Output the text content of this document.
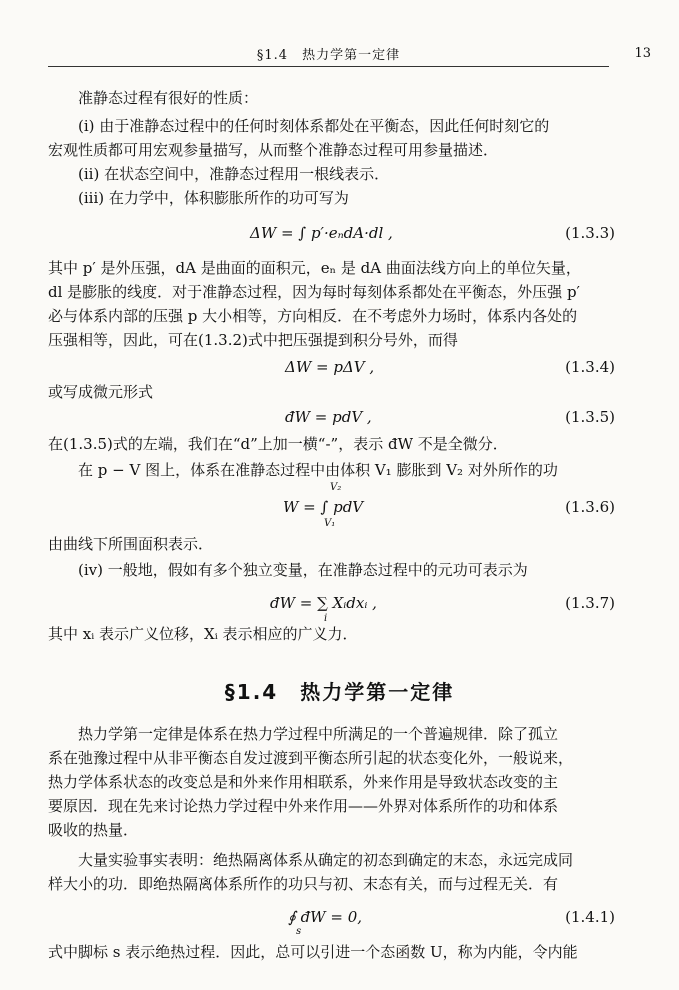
§1.4　热力学第一定律	13
准静态过程有很好的性质：
(i) 由于准静态过程中的任何时刻体系都处在平衡态，因此任何时刻它的
宏观性质都可用宏观参量描写，从而整个准静态过程可用参量描述．
(ii) 在状态空间中，准静态过程用一根线表示．
(iii) 在力学中，体积膨胀所作的功可写为
ΔW = ∫ p′·eₙdA·dl ,	(1.3.3)
其中 p′ 是外压强，dA 是曲面的面积元，eₙ 是 dA 曲面法线方向上的单位矢量，
dl 是膨胀的线度．对于准静态过程，因为每时每刻体系都处在平衡态，外压强 p′
必与体系内部的压强 p 大小相等，方向相反．在不考虑外力场时，体系内各处的
压强相等，因此，可在(1.3.2)式中把压强提到积分号外，而得
ΔW = pΔV ,	(1.3.4)
或写成微元形式
đW = pdV ,	(1.3.5)
在(1.3.5)式的左端，我们在“d”上加一横“-”，表示 đW 不是全微分．
在 p − V 图上，体系在准静态过程中由体积 V₁ 膨胀到 V₂ 对外所作的功
W = ∫ pdV
V₂
V₁
(1.3.6)
由曲线下所围面积表示．
(iv) 一般地，假如有多个独立变量，在准静态过程中的元功可表示为
đW = ∑ Xᵢdxᵢ ,
i
(1.3.7)
其中 xᵢ 表示广义位移，Xᵢ 表示相应的广义力．
§1.4　热力学第一定律
热力学第一定律是体系在热力学过程中所满足的一个普遍规律．除了孤立
系在弛豫过程中从非平衡态自发过渡到平衡态所引起的状态变化外，一般说来，
热力学体系状态的改变总是和外来作用相联系，外来作用是导致状态改变的主
要原因．现在先来讨论热力学过程中外来作用——外界对体系所作的功和体系
吸收的热量．
大量实验事实表明：绝热隔离体系从确定的初态到确定的末态，永远完成同
样大小的功．即绝热隔离体系所作的功只与初、末态有关，而与过程无关．有
∮ đW = 0,
s
(1.4.1)
式中脚标 s 表示绝热过程．因此，总可以引进一个态函数 U，称为内能，令内能
